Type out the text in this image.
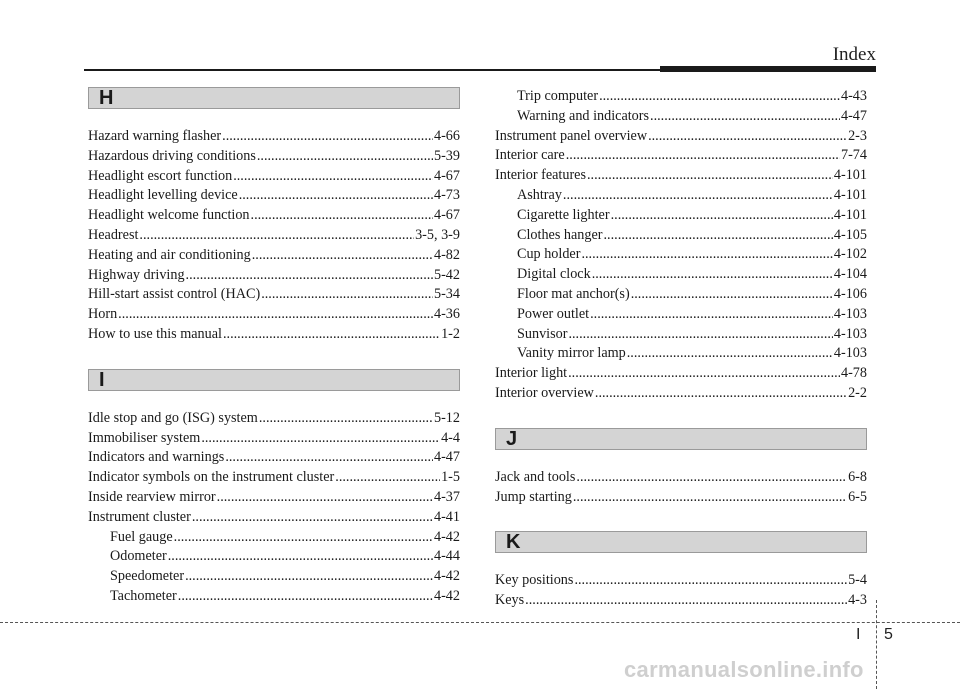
Index
H
Hazard warning flasher .....	4-66
Hazardous driving conditions .....	5-39
Headlight escort function .....	4-67
Headlight levelling device .....	4-73
Headlight welcome function .....	4-67
Headrest .....	3-5, 3-9
Heating and air conditioning .....	4-82
Highway driving .....	5-42
Hill-start assist control (HAC) .....	5-34
Horn .....	4-36
How to use this manual .....	1-2
I
Idle stop and go (ISG) system .....	5-12
Immobiliser system .....	4-4
Indicators and warnings .....	4-47
Indicator symbols on the instrument cluster .....	1-5
Inside rearview mirror .....	4-37
Instrument cluster .....	4-41
Fuel gauge .....	4-42
Odometer .....	4-44
Speedometer .....	4-42
Tachometer .....	4-42
Trip computer .....	4-43
Warning and indicators .....	4-47
Instrument panel overview .....	2-3
Interior care .....	7-74
Interior features .....	4-101
Ashtray .....	4-101
Cigarette lighter .....	4-101
Clothes hanger .....	4-105
Cup holder .....	4-102
Digital clock .....	4-104
Floor mat anchor(s) .....	4-106
Power outlet .....	4-103
Sunvisor .....	4-103
Vanity mirror lamp .....	4-103
Interior light .....	4-78
Interior overview .....	2-2
J
Jack and tools .....	6-8
Jump starting .....	6-5
K
Key positions .....	5-4
Keys .....	4-3
I 5
carmanualsonline.info
